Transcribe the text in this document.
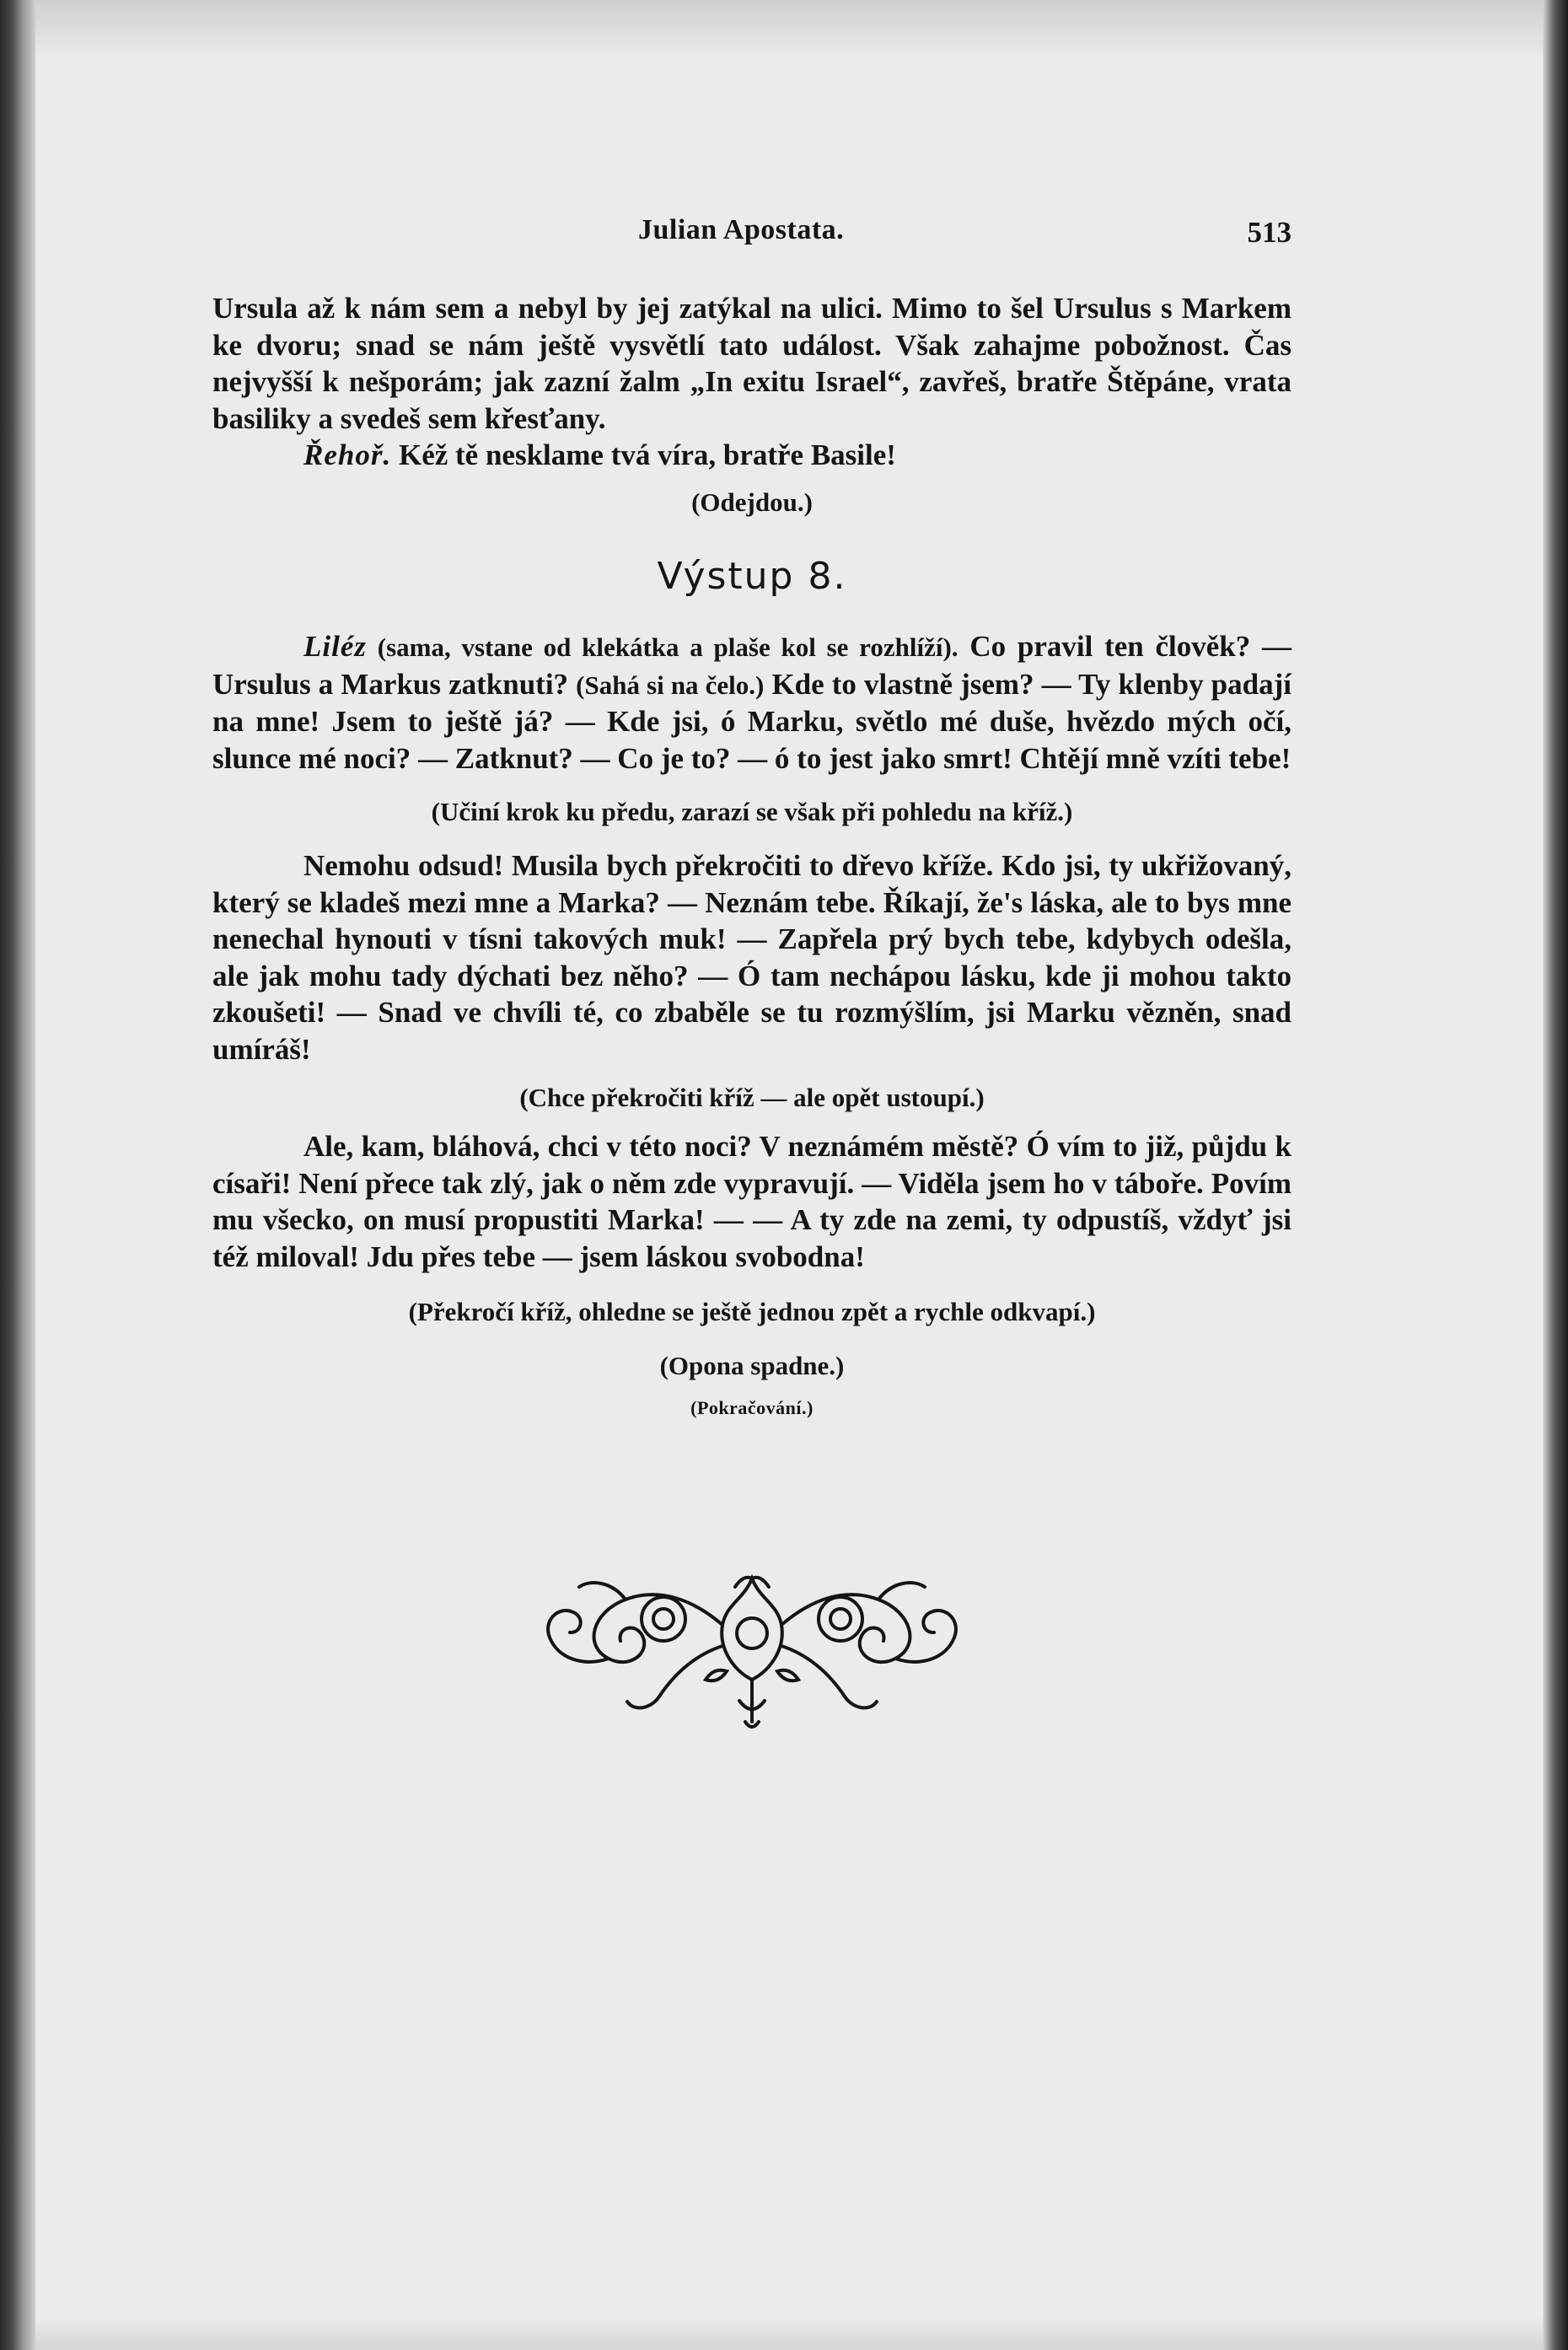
Julian Apostata.	513

Ursula až k nám sem a nebyl by jej zatýkal na ulici. Mimo to šel Ursulus s Markem ke dvoru; snad se nám ještě vysvětlí tato událost. Však zahajme pobožnost. Čas nejvyšší k nešporám; jak zazní žalm „In exitu Israel“, zavřeš, bratře Štěpáne, vrata basiliky a svedeš sem křesťany.
Řehoř. Kéž tě nesklame tvá víra, bratře Basile!

(Odejdou.)
Výstup 8.

Liléz (sama, vstane od klekátka a plaše kol se rozhlíží). Co pravil ten člověk? — Ursulus a Markus zatknuti? (Sahá si na čelo.) Kde to vlastně jsem? — Ty klenby padají na mne! Jsem to ještě já? — Kde jsi, ó Marku, světlo mé duše, hvězdo mých očí, slunce mé noci? — Zatknut? — Co je to? — ó to jest jako smrt! Chtějí mně vzíti tebe!

(Učiní krok ku předu, zarazí se však při pohledu na kříž.)

Nemohu odsud! Musila bych překročiti to dřevo kříže. Kdo jsi, ty ukřižovaný, který se kladeš mezi mne a Marka? — Neznám tebe. Říkají, že's láska, ale to bys mne nenechal hynouti v tísni takových muk! — Zapřela prý bych tebe, kdybych odešla, ale jak mohu tady dýchati bez něho? — Ó tam nechápou lásku, kde ji mohou takto zkoušeti! — Snad ve chvíli té, co zbaběle se tu rozmýšlím, jsi Marku vězněn, snad umíráš!

(Chce překročiti kříž — ale opět ustoupí.)

Ale, kam, bláhová, chci v této noci? V neznámém městě? Ó vím to již, půjdu k císaři! Není přece tak zlý, jak o něm zde vypravují. — Viděla jsem ho v táboře. Povím mu všecko, on musí propustiti Marka! — — A ty zde na zemi, ty odpustíš, vždyť jsi též miloval! Jdu přes tebe — jsem láskou svobodna!

(Překročí kříž, ohledne se ještě jednou zpět a rychle odkvapí.)
(Opona spadne.)
(Pokračování.)
